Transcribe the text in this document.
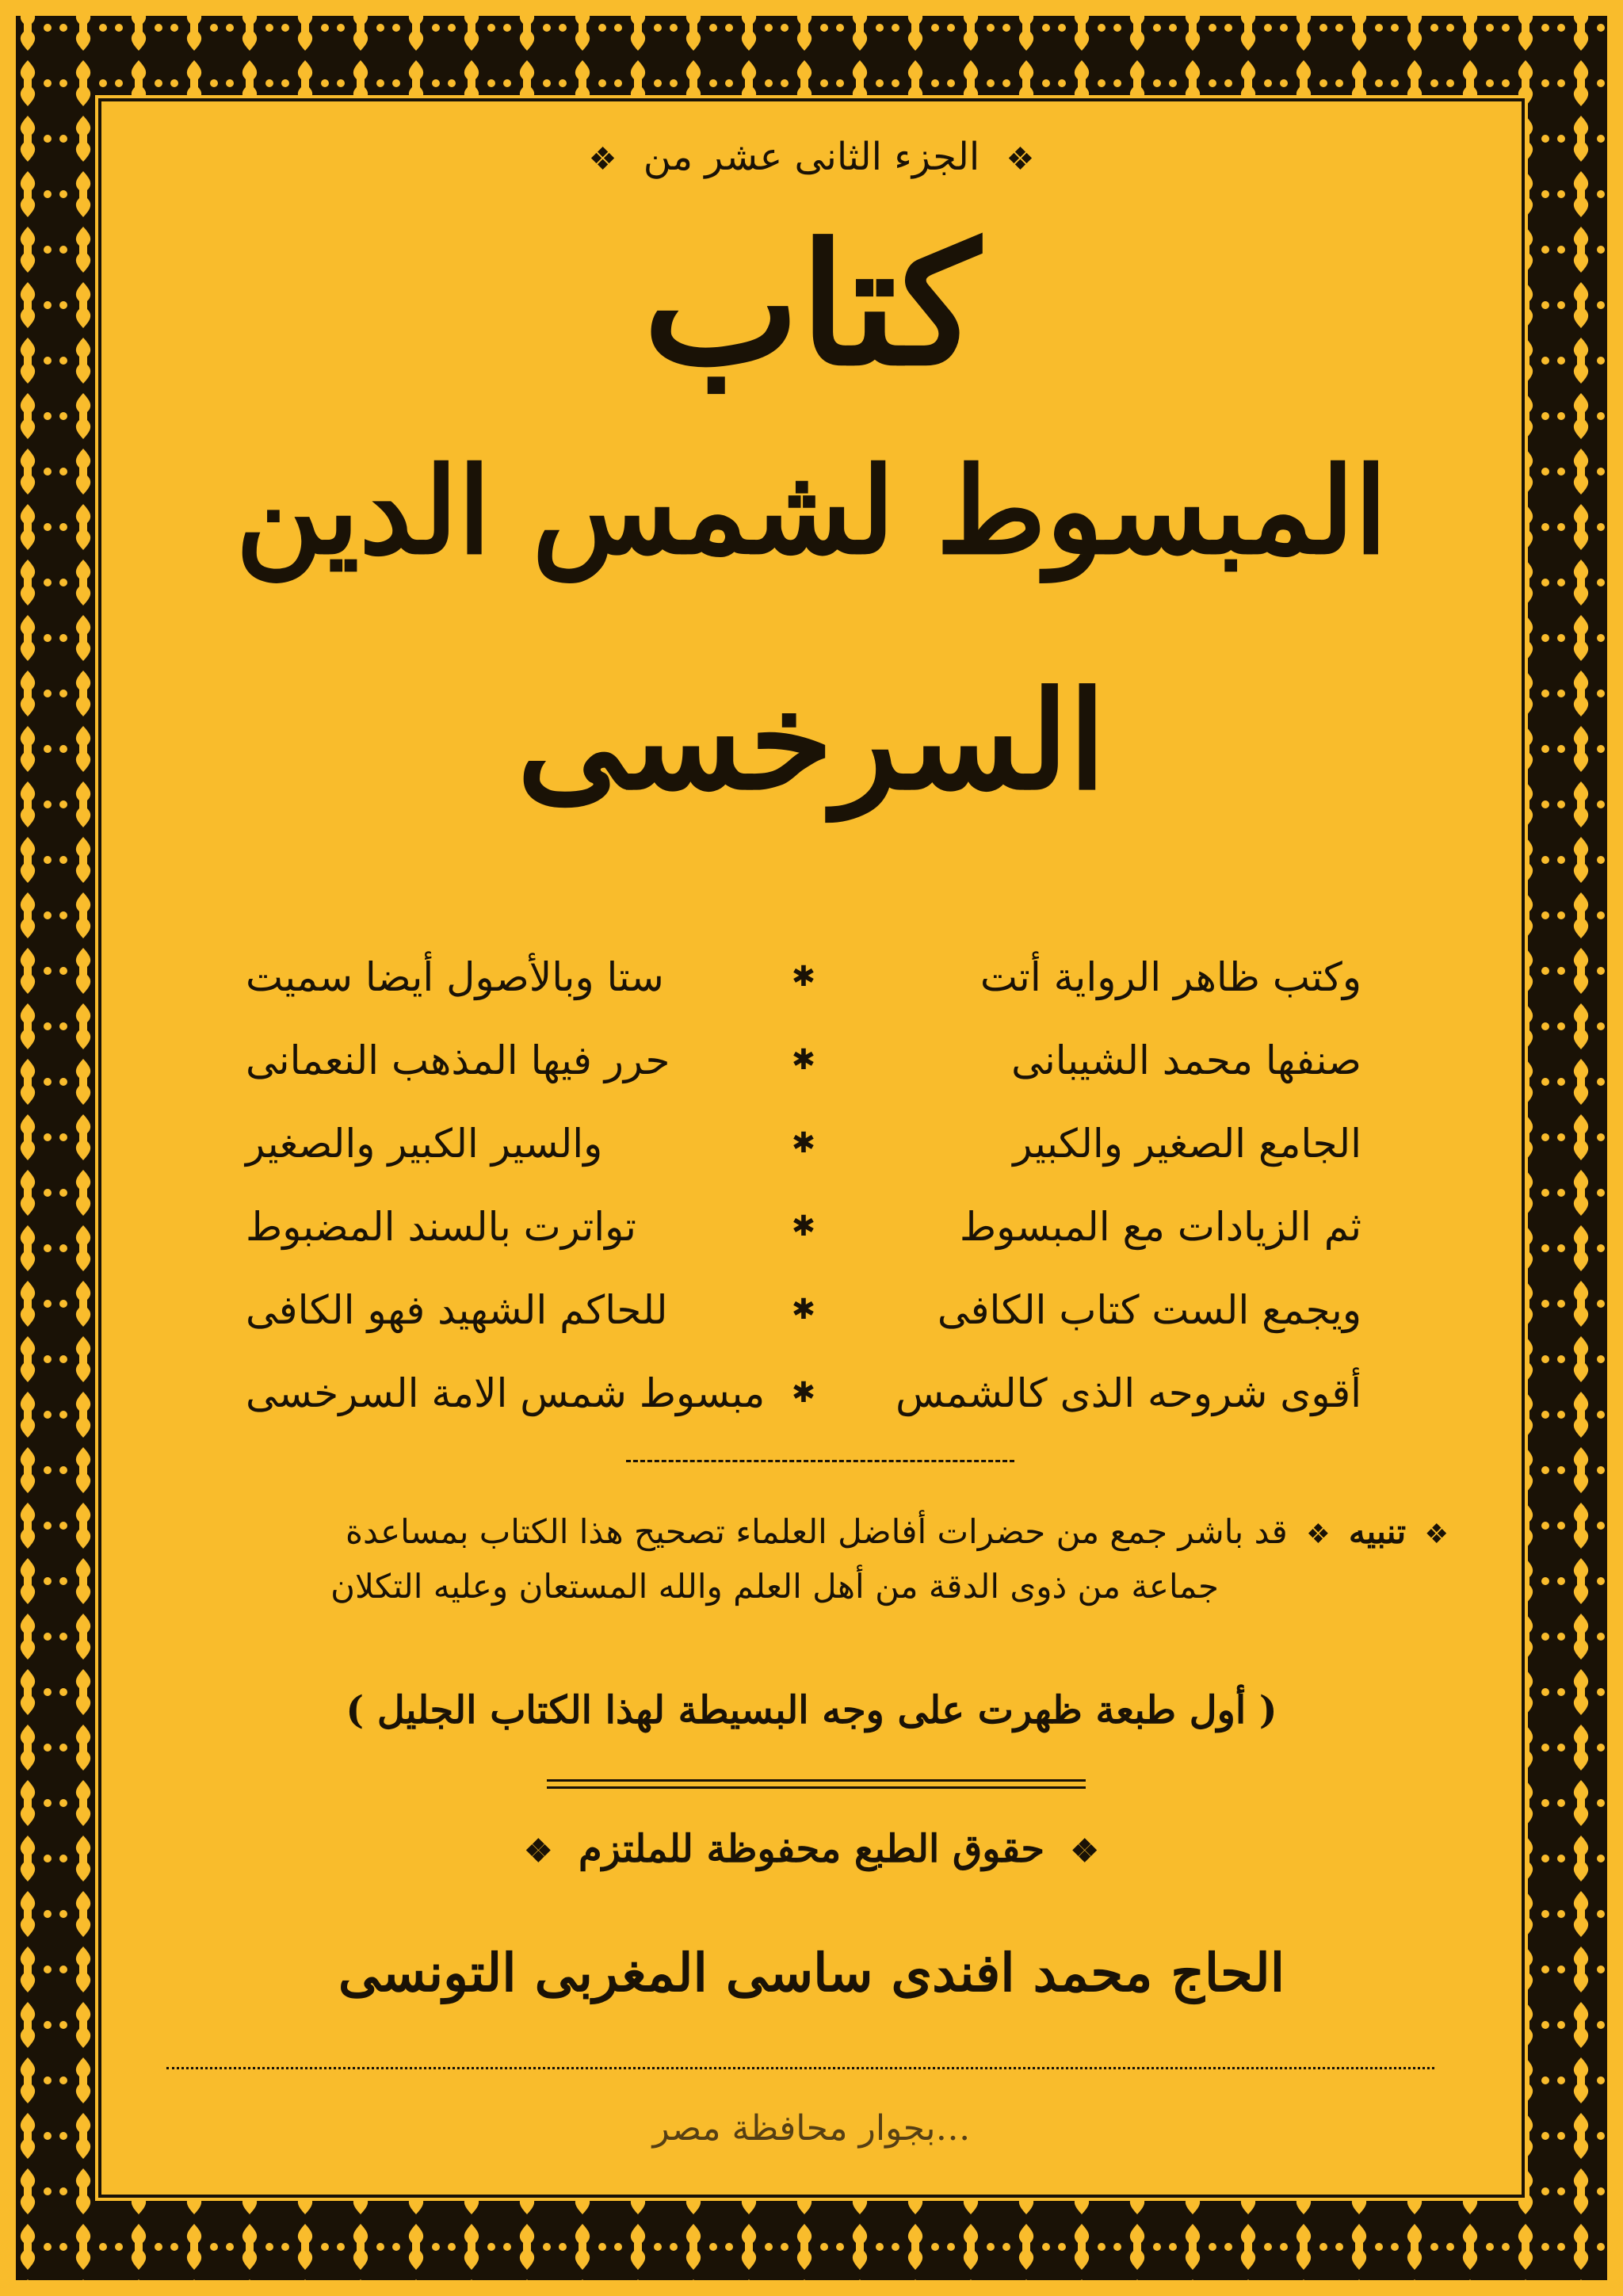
❖ الجزء الثانى عشر من ❖
كتاب
المبسوط لشمس الدين
السرخسى
وكتب ظاهر الرواية أتت
✱
ستا وبالأصول أيضا سميت
صنفها محمد الشيبانى
✱
حرر فيها المذهب النعمانى
الجامع الصغير والكبير
✱
والسير الكبير والصغير
ثم الزيادات مع المبسوط
✱
تواترت بالسند المضبوط
ويجمع الست كتاب الكافى
✱
للحاكم الشهيد فهو الكافى
أقوى شروحه الذى كالشمس
✱
مبسوط شمس الامة السرخسى
❖ تنبيه ❖ قد باشر جمع من حضرات أفاضل العلماء تصحيح هذا الكتاب بمساعدة
جماعة من ذوى الدقة من أهل العلم والله المستعان وعليه التكلان
( أول طبعة ظهرت على وجه البسيطة لهذا الكتاب الجليل )
❖ حقوق الطبع محفوظة للملتزم ❖
الحاج محمد افندى ساسى المغربى التونسى
…بجوار محافظة مصر
